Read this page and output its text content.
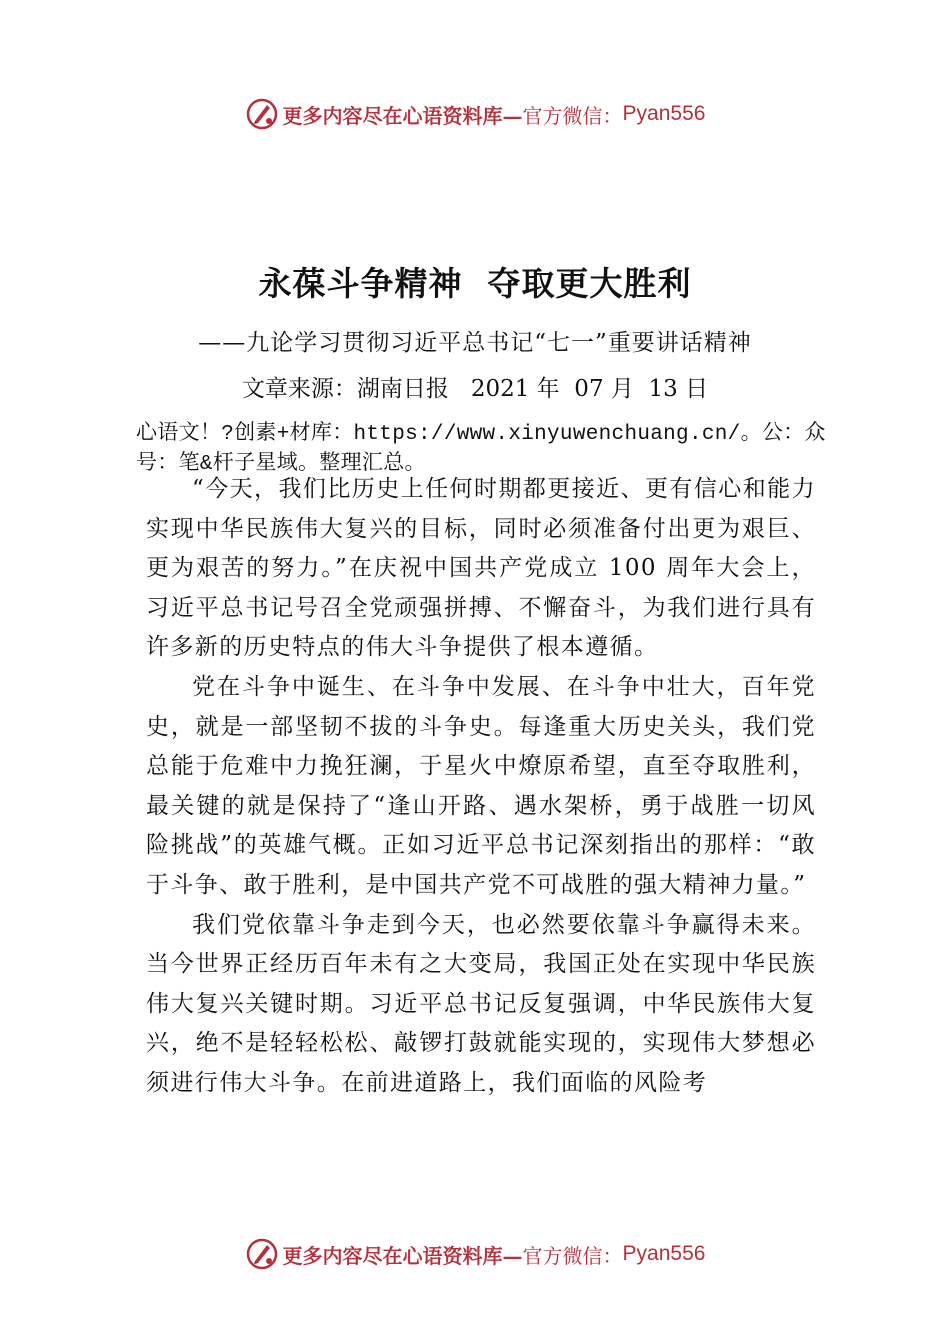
更多内容尽在心语资料库— 官方微信： Pyan556
永葆斗争精神  夺取更大胜利
——九论学习贯彻习近平总书记“七一”重要讲话精神
文章来源：湖南日报   2021 年  07 月  13 日
心语文！?创素+材库：https://www.xinyuwenchuang.cn/。公：众号：笔&杆子星域。整理汇总。

“今天，我们比历史上任何时期都更接近、更有信心和能力实现中华民族伟大复兴的目标，同时必须准备付出更为艰巨、更为艰苦的努力。”在庆祝中国共产党成立 100 周年大会上，习近平总书记号召全党顽强拼搏、不懈奋斗，为我们进行具有许多新的历史特点的伟大斗争提供了根本遵循。

党在斗争中诞生、在斗争中发展、在斗争中壮大，百年党史，就是一部坚韧不拔的斗争史。每逢重大历史关头，我们党总能于危难中力挽狂澜，于星火中燎原希望，直至夺取胜利，最关键的就是保持了“逢山开路、遇水架桥，勇于战胜一切风险挑战”的英雄气概。正如习近平总书记深刻指出的那样：“敢于斗争、敢于胜利，是中国共产党不可战胜的强大精神力量。”

我们党依靠斗争走到今天，也必然要依靠斗争赢得未来。当今世界正经历百年未有之大变局，我国正处在实现中华民族伟大复兴关键时期。习近平总书记反复强调，中华民族伟大复兴，绝不是轻轻松松、敲锣打鼓就能实现的，实现伟大梦想必须进行伟大斗争。在前进道路上，我们面临的风险考

更多内容尽在心语资料库— 官方微信： Pyan556
